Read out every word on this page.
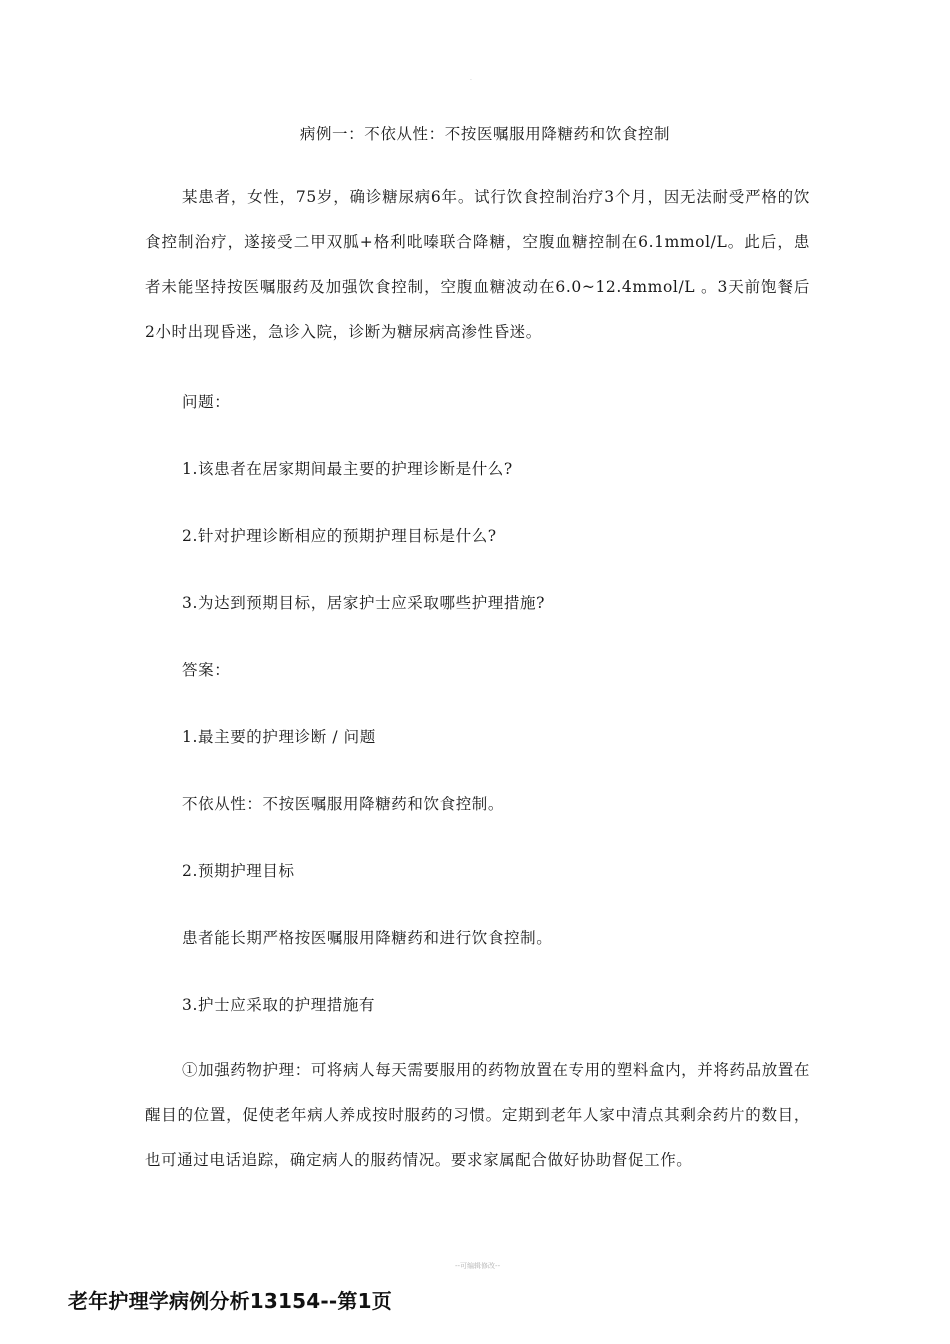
·
病例一：不依从性：不按医嘱服用降糖药和饮食控制
某患者，女性，75岁，确诊糖尿病6年。试行饮食控制治疗3个月，因无法耐受严格的饮食控制治疗，遂接受二甲双胍+格利吡嗪联合降糖，空腹血糖控制在6.1mmol/L。此后，患者未能坚持按医嘱服药及加强饮食控制，空腹血糖波动在6.0~12.4mmol/L 。3天前饱餐后2小时出现昏迷，急诊入院，诊断为糖尿病高渗性昏迷。
问题：
1.该患者在居家期间最主要的护理诊断是什么?
2.针对护理诊断相应的预期护理目标是什么?
3.为达到预期目标，居家护士应采取哪些护理措施?
答案：
1.最主要的护理诊断 / 问题
不依从性：不按医嘱服用降糖药和饮食控制。
2.预期护理目标
患者能长期严格按医嘱服用降糖药和进行饮食控制。
3.护士应采取的护理措施有
①加强药物护理：可将病人每天需要服用的药物放置在专用的塑料盒内，并将药品放置在醒目的位置，促使老年病人养成按时服药的习惯。定期到老年人家中清点其剩余药片的数目，也可通过电话追踪，确定病人的服药情况。要求家属配合做好协助督促工作。
--可编辑修改--
老年护理学病例分析13154--第1页
